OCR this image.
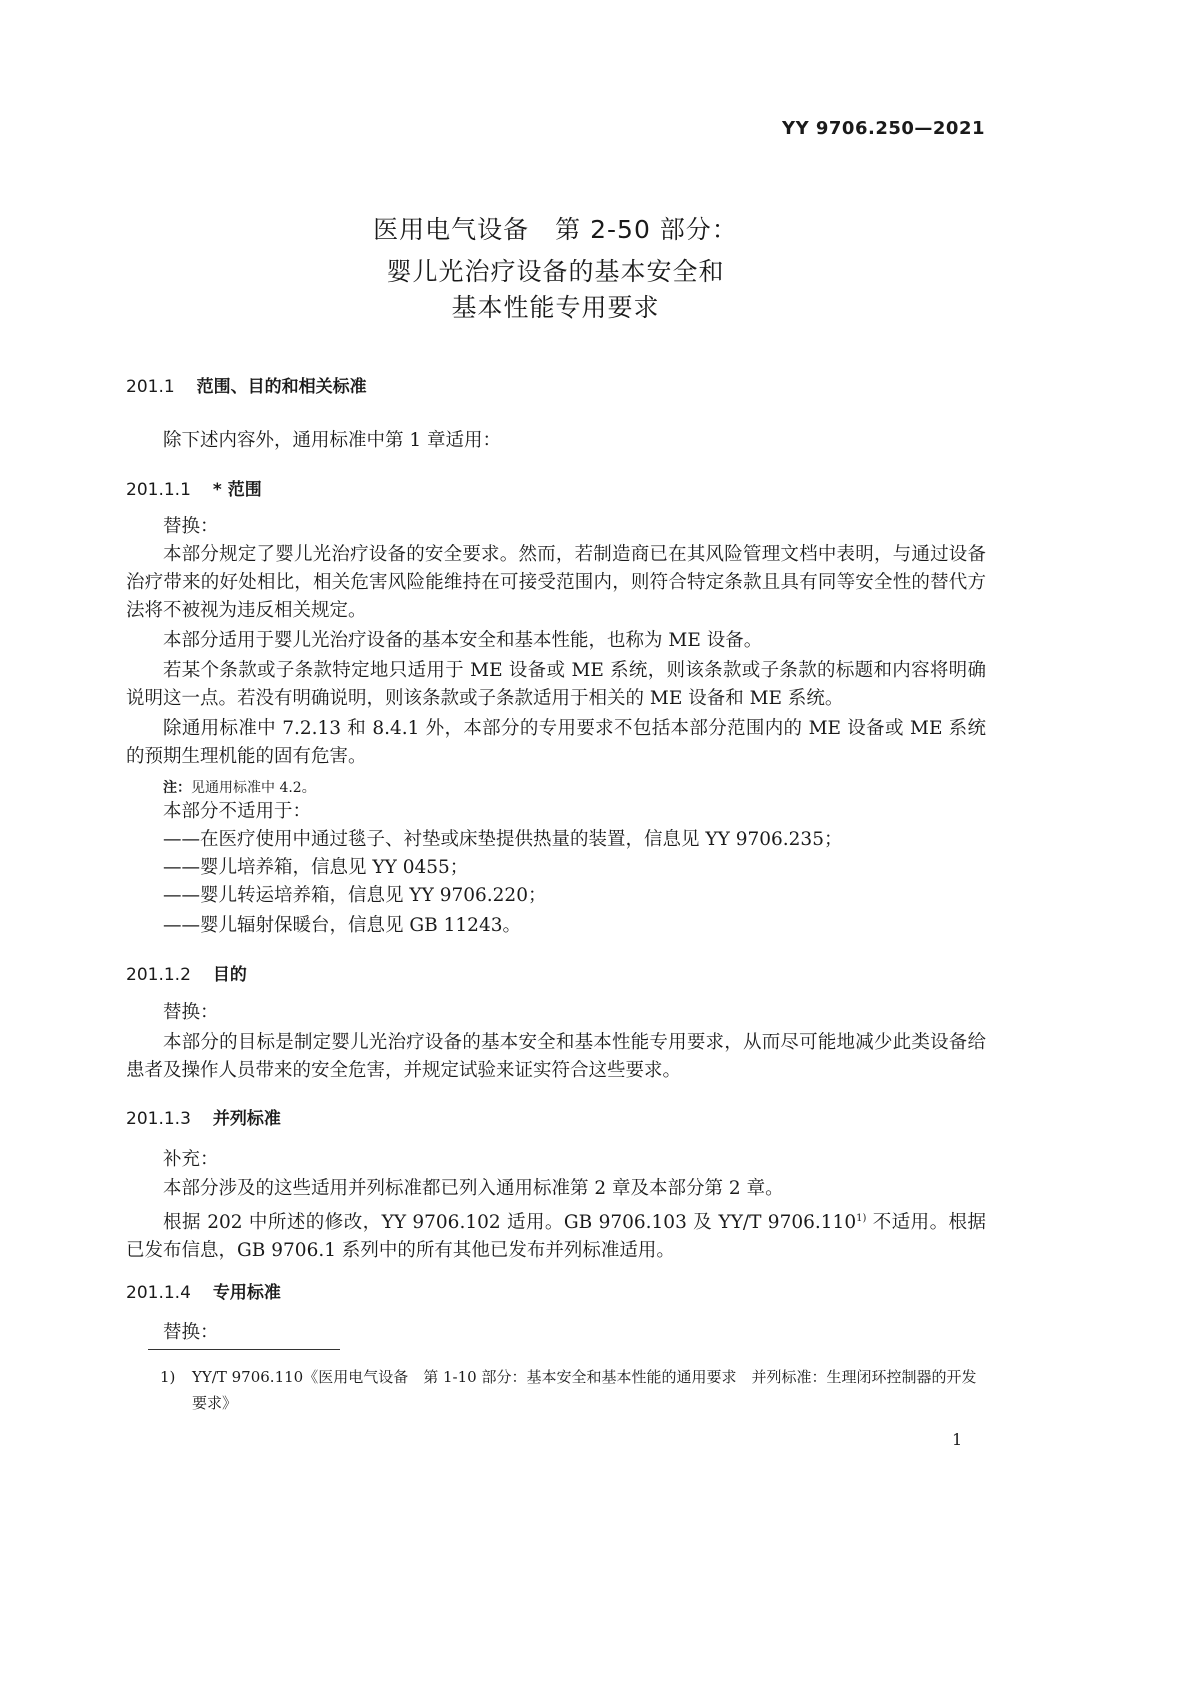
YY 9706.250—2021
医用电气设备　第 2-50 部分：
婴儿光治疗设备的基本安全和
基本性能专用要求
201.1 范围、目的和相关标准
除下述内容外，通用标准中第 1 章适用：
201.1.1 * 范围
替换：
本部分规定了婴儿光治疗设备的安全要求。然而，若制造商已在其风险管理文档中表明，与通过设备治疗带来的好处相比，相关危害风险能维持在可接受范围内，则符合特定条款且具有同等安全性的替代方法将不被视为违反相关规定。
本部分适用于婴儿光治疗设备的基本安全和基本性能，也称为 ME 设备。
若某个条款或子条款特定地只适用于 ME 设备或 ME 系统，则该条款或子条款的标题和内容将明确说明这一点。若没有明确说明，则该条款或子条款适用于相关的 ME 设备和 ME 系统。
除通用标准中 7.2.13 和 8.4.1 外，本部分的专用要求不包括本部分范围内的 ME 设备或 ME 系统的预期生理机能的固有危害。
注：见通用标准中 4.2。
本部分不适用于：
——在医疗使用中通过毯子、衬垫或床垫提供热量的装置，信息见 YY 9706.235；
——婴儿培养箱，信息见 YY 0455；
——婴儿转运培养箱，信息见 YY 9706.220；
——婴儿辐射保暖台，信息见 GB 11243。
201.1.2 目的
替换：
本部分的目标是制定婴儿光治疗设备的基本安全和基本性能专用要求，从而尽可能地减少此类设备给患者及操作人员带来的安全危害，并规定试验来证实符合这些要求。
201.1.3 并列标准
补充：
本部分涉及的这些适用并列标准都已列入通用标准第 2 章及本部分第 2 章。
根据 202 中所述的修改，YY 9706.102 适用。GB 9706.103 及 YY/T 9706.110$^{1)}$ 不适用。根据已发布信息，GB 9706.1 系列中的所有其他已发布并列标准适用。
201.1.4 专用标准
替换：
1) YY/T 9706.110《医用电气设备　第 1-10 部分：基本安全和基本性能的通用要求　并列标准：生理闭环控制器的开发要求》
1
